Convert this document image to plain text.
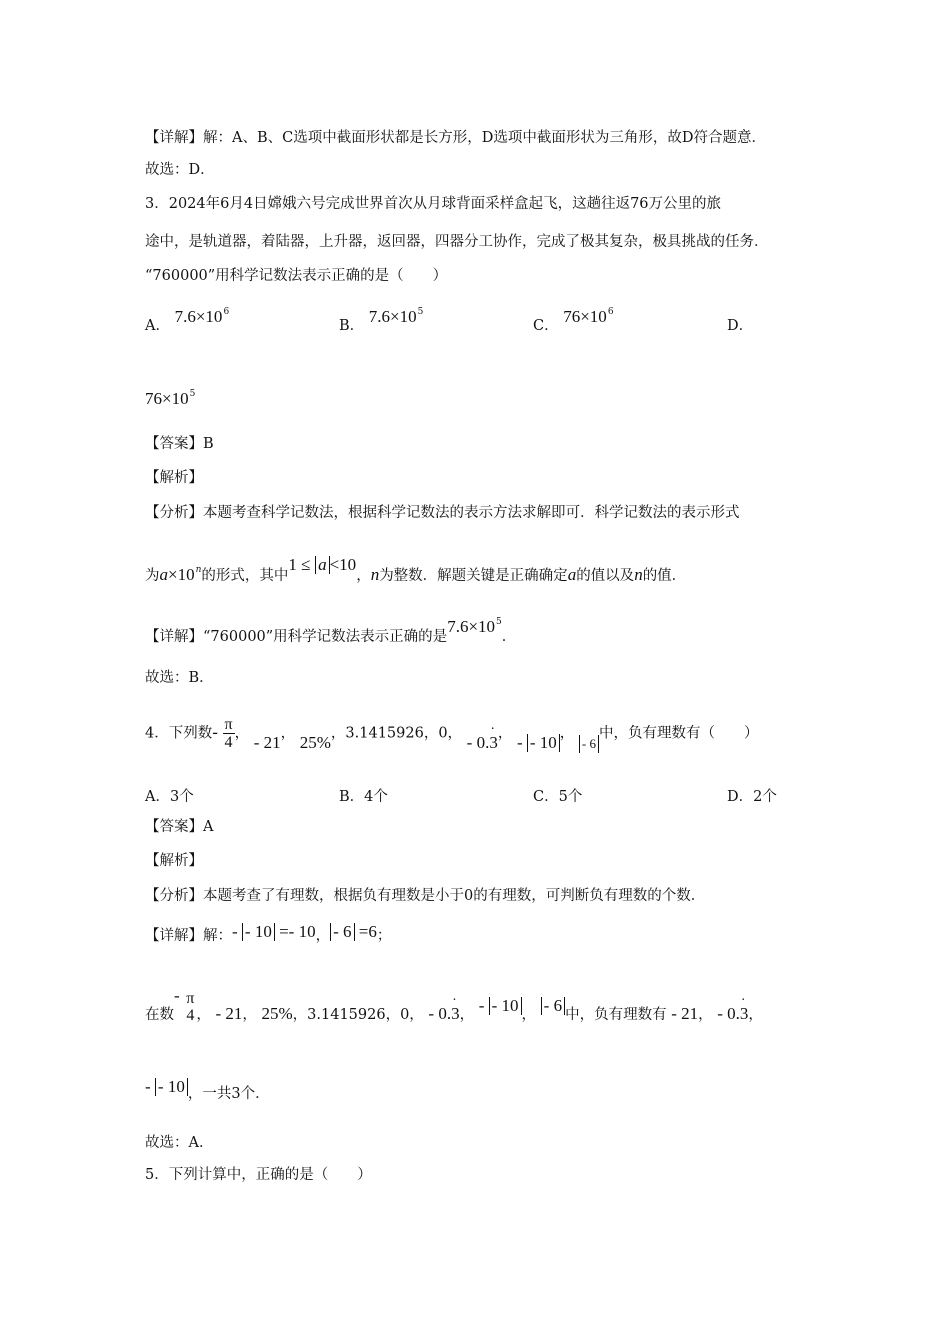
【详解】解：A、B、C选项中截面形状都是长方形，D选项中截面形状为三角形，故D符合题意．
故选：D．
3．2024年6月4日嫦娥六号完成世界首次从月球背面采样盒起飞，这趟往返76万公里的旅
途中，是轨道器，着陆器，上升器，返回器，四器分工协作，完成了极其复杂，极具挑战的任务．
“760000”用科学记数法表示正确的是（　　）
A． $7.6\times 10^6$
B． $7.6\times 10^5$
C． $76\times 10^6$
D．
$76\times 10^5$
【答案】B
【解析】
【分析】本题考查科学记数法，根据科学记数法的表示方法求解即可．科学记数法的表示形式
为$a\times 10^n$的形式，其中1 ≤ a <10，n为整数．解题关键是正确确定a的值以及n的值．
【详解】“760000”用科学记数法表示正确的是$7.6\times 10^5$．
故选：B．
4．下列数- $\frac{\pi}{4}$ ， - 21， 25%，3.1415926，0， - 0.· 3， - - 10 ， - 6中，负有理数有（　　）
A．3个	B．4个	C．5个	D．2个
【答案】A
【解析】
【分析】本题考查了有理数，根据负有理数是小于0的有理数，可判断负有理数的个数．
【详解】解：- - 10 =- 10， - 6 =6；
在数- π
4 ， - 21， 25%，3.1415926，0， - 0.· 3， - - 10 ， - 6 中，负有理数有 - 21， - 0.· 3，
- - 10 ，一共3个．
故选：A．
5．下列计算中，正确的是（　　）
